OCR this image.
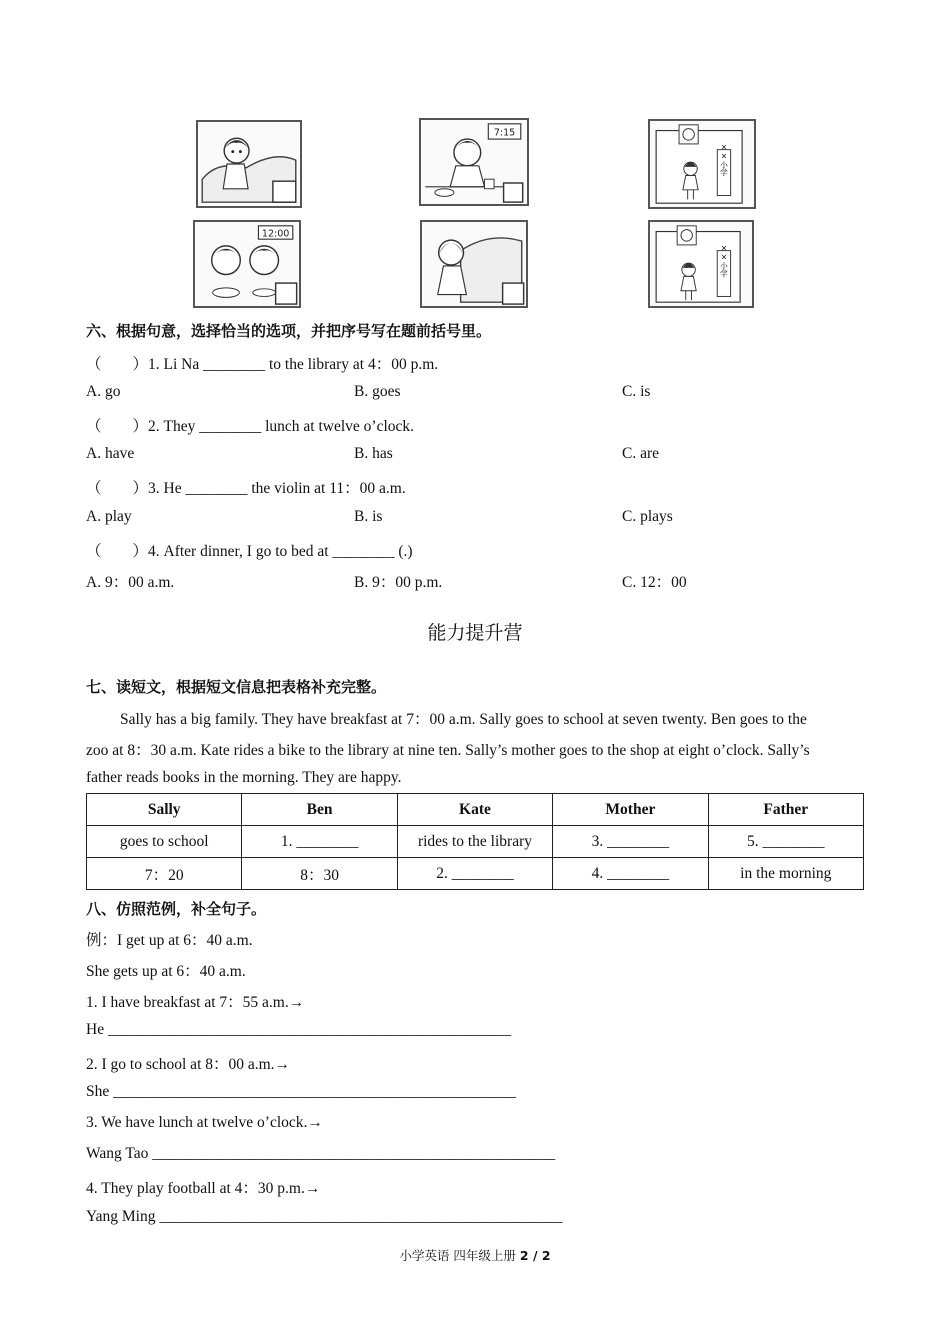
7:15
××小学
12:00
××小学
六、根据句意，选择恰当的选项，并把序号写在题前括号里。
（　　）1. Li Na ________ to the library at 4：00 p.m.
A. go	B. goes	C. is
（　　）2. They ________ lunch at twelve o’clock.
A. have	B. has	C. are
（　　）3. He ________ the violin at 11：00 a.m.
A. play	B. is	C. plays
（　　）4. After dinner, I go to bed at ________ (.)
A. 9：00 a.m.	B. 9：00 p.m.	C. 12：00
能力提升营
七、读短文，根据短文信息把表格补充完整。
Sally has a big family. They have breakfast at 7：00 a.m. Sally goes to school at seven twenty. Ben goes to the
zoo at 8：30 a.m. Kate rides a bike to the library at nine ten. Sally’s mother goes to the shop at eight o’clock. Sally’s
father reads books in the morning. They are happy.
Sally	Ben	Kate	Mother	Father
goes to school	1. ________	rides to the library	3. ________	5. ________
7：20	8：30	2. ________	4. ________	in the morning
八、仿照范例，补全句子。
例：I get up at 6：40 a.m.
She gets up at 6：40 a.m.
1. I have breakfast at 7：55 a.m.→
He ____________________________________________________
2. I go to school at 8：00 a.m.→
She ____________________________________________________
3. We have lunch at twelve o’clock.→
Wang Tao ____________________________________________________
4. They play football at 4：30 p.m.→
Yang Ming ____________________________________________________
小学英语 四年级上册 2 / 2
